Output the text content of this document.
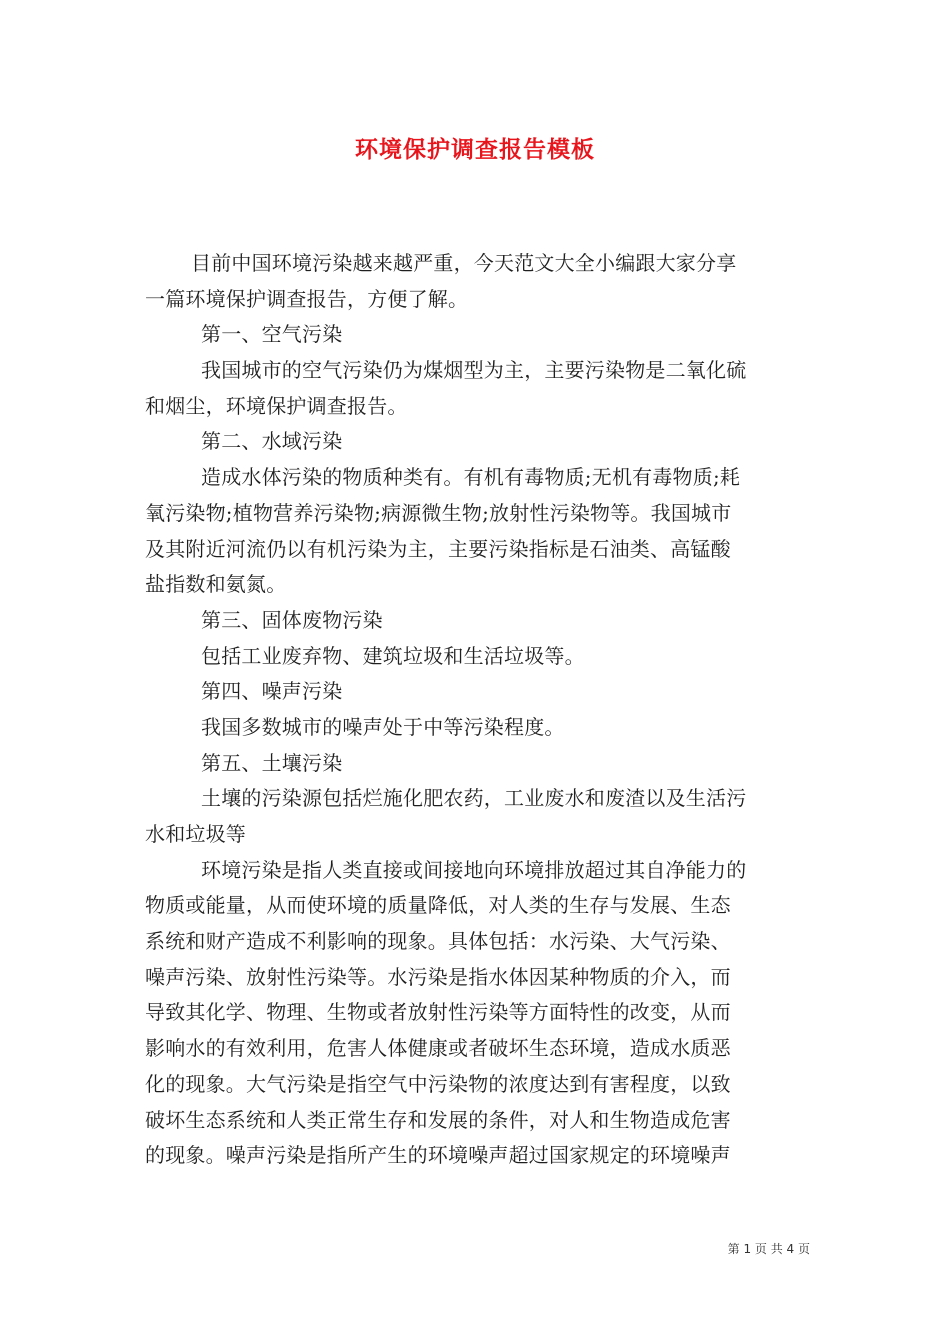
环境保护调查报告模板
目前中国环境污染越来越严重，今天范文大全小编跟大家分享
一篇环境保护调查报告，方便了解。
第一、空气污染
我国城市的空气污染仍为煤烟型为主，主要污染物是二氧化硫
和烟尘，环境保护调查报告。
第二、水域污染
造成水体污染的物质种类有。有机有毒物质;无机有毒物质;耗
氧污染物;植物营养污染物;病源微生物;放射性污染物等。我国城市
及其附近河流仍以有机污染为主，主要污染指标是石油类、高锰酸
盐指数和氨氮。
第三、固体废物污染
包括工业废弃物、建筑垃圾和生活垃圾等。
第四、噪声污染
我国多数城市的噪声处于中等污染程度。
第五、土壤污染
土壤的污染源包括烂施化肥农药，工业废水和废渣以及生活污
水和垃圾等
环境污染是指人类直接或间接地向环境排放超过其自净能力的
物质或能量，从而使环境的质量降低，对人类的生存与发展、生态
系统和财产造成不利影响的现象。具体包括：水污染、大气污染、
噪声污染、放射性污染等。水污染是指水体因某种物质的介入，而
导致其化学、物理、生物或者放射性污染等方面特性的改变，从而
影响水的有效利用，危害人体健康或者破坏生态环境，造成水质恶
化的现象。大气污染是指空气中污染物的浓度达到有害程度，以致
破坏生态系统和人类正常生存和发展的条件，对人和生物造成危害
的现象。噪声污染是指所产生的环境噪声超过国家规定的环境噪声
第 1 页 共 4 页
